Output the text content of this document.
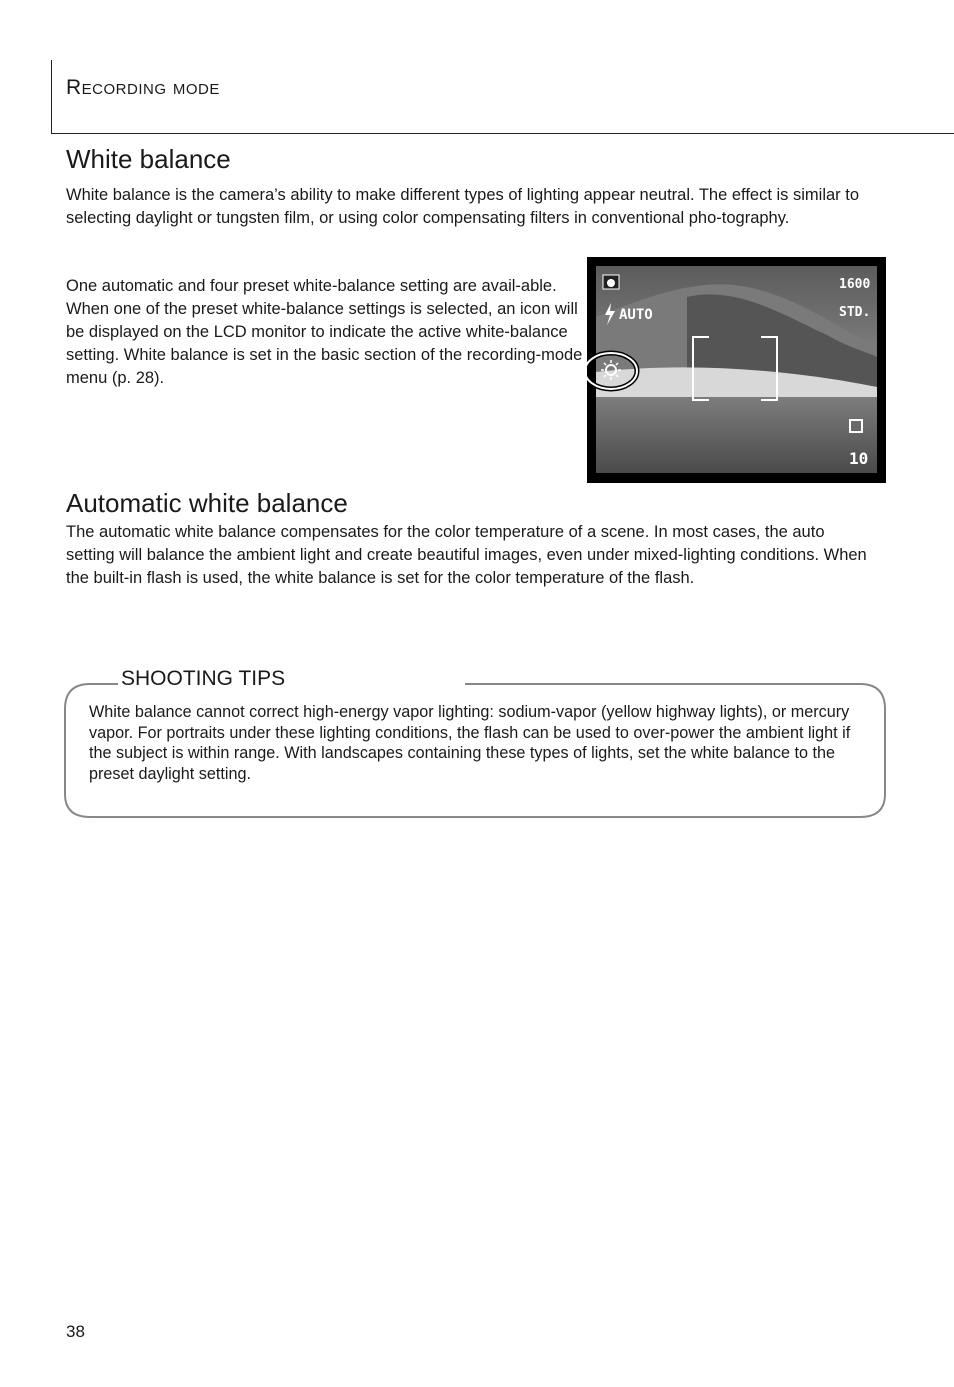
Recording mode
White balance

White balance is the camera’s ability to make different types of lighting appear neutral. The effect is similar to selecting daylight or tungsten film, or using color compensating filters in conventional pho-tography.

One automatic and four preset white-balance setting are avail-able. When one of the preset white-balance settings is selected, an icon will be displayed on the LCD monitor to indicate the active white-balance setting. White balance is set in the basic section of the recording-mode menu (p. 28).

AUTO
1600
STD.
10
Automatic white balance

The automatic white balance compensates for the color temperature of a scene. In most cases, the auto setting will balance the ambient light and create beautiful images, even under mixed-lighting conditions. When the built-in flash is used, the white balance is set for the color temperature of the flash.

SHOOTING TIPS

White balance cannot correct high-energy vapor lighting: sodium-vapor (yellow highway lights), or mercury vapor. For portraits under these lighting conditions, the flash can be used to over-power the ambient light if the subject is within range. With landscapes containing these types of lights, set the white balance to the preset daylight setting.

38
